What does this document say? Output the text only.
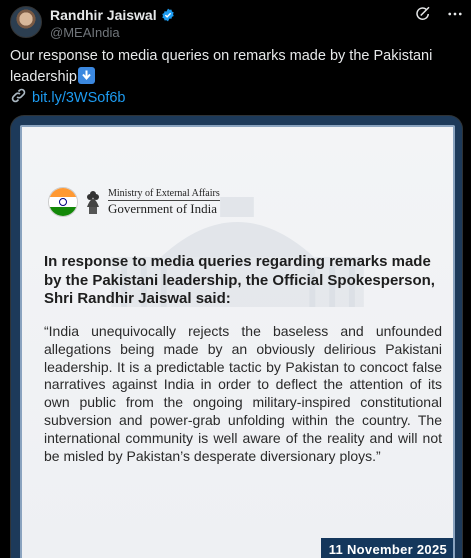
Randhir Jaiswal
@MEAIndia
Our response to media queries on remarks made by the Pakistani leadership
bit.ly/3WSof6b
Ministry of External Affairs
Government of India
In response to media queries regarding remarks made by the Pakistani leadership, the Official Spokesperson, Shri Randhir Jaiswal said:
“India unequivocally rejects the baseless and unfounded allegations being made by an obviously delirious Pakistani leadership. It is a predictable tactic by Pakistan to concoct false narratives against India in order to deflect the attention of its own public from the ongoing military-inspired constitutional subversion and power-grab unfolding within the country. The international community is well aware of the reality and will not be misled by Pakistan’s desperate diversionary ploys.”
11 November 2025
